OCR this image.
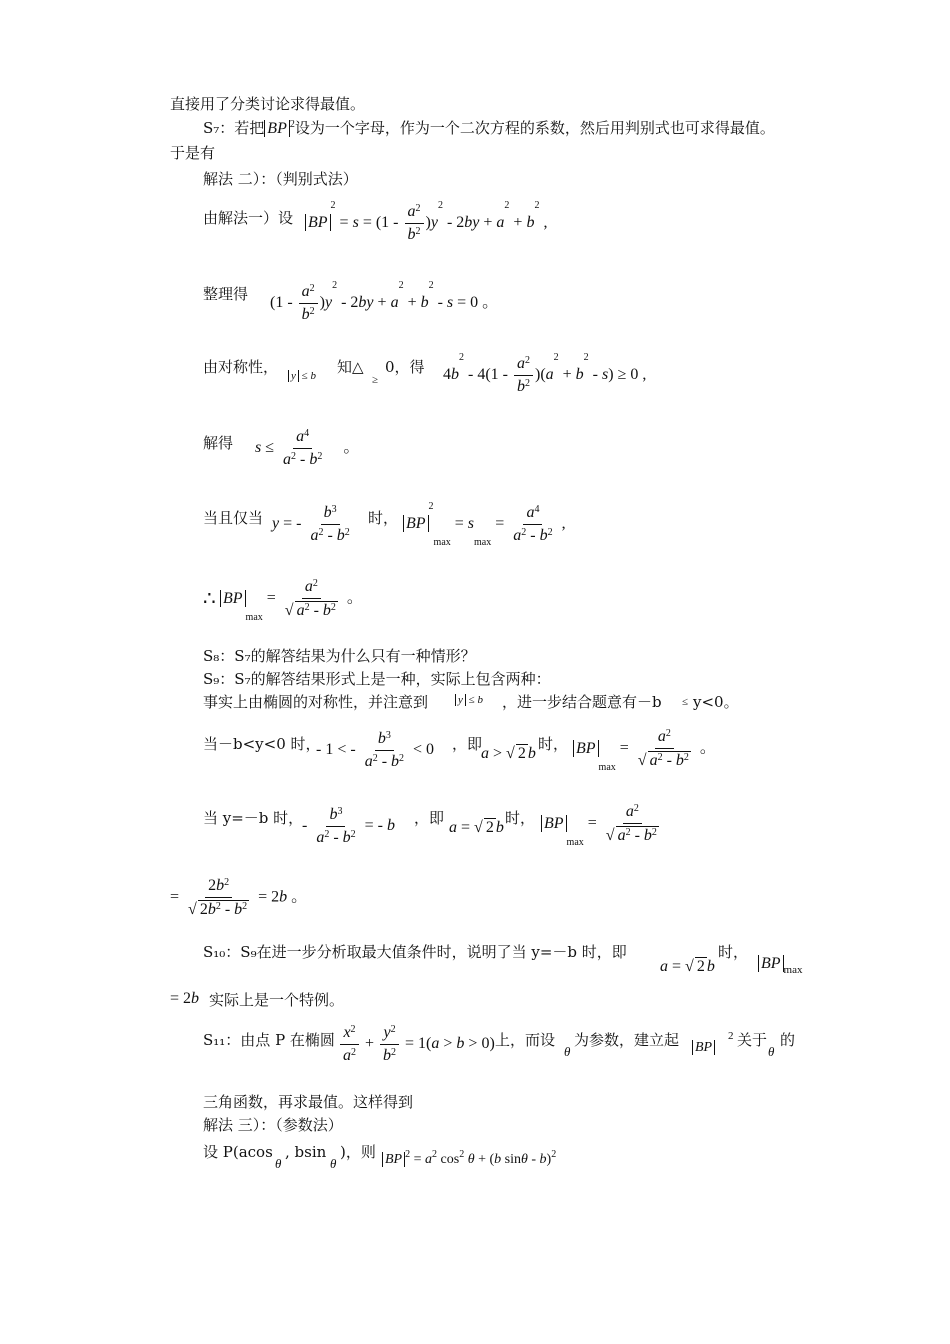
直接用了分类讨论求得最值。
S₇：若把 BP $^2$设为一个字母，作为一个二次方程的系数，然后用判别式也可求得最值。
于是有
解法 二）：（判别式法）
由解法一）设 $BP^2 = s = (1 - \frac{a^2}{b^2} )y^2 - 2by + a^2 + b^2$ ,
整理得 $(1 - \frac{a^2}{b^2} )y^2 - 2by + a^2 + b^2 - s = 0$ 。
由对称性， y ≤ b 知△
≥
0，得 $4b^2 - 4(1 - \frac{a^2}{b^2} )(a^2 + b^2 - s) \ge 0$ ,
解得 $s \le \frac{a^4}{a^2 - b^2}$ 。
当且仅当 y = - $\frac{b^3}{a^2 - b^2}$ 时， $BP^2\max = smax = \frac{a^4}{a^2 - b^2}$ ,
∴ $BPmax = \frac{a^2}{√ a^2 - b^2}$ 。
S₈：S₇的解答结果为什么只有一种情形？
S₉：S₇的解答结果形式上是一种，实际上包含两种：
事实上由椭圆的对称性，并注意到	y ≤ b ，进一步结合题意有－b ≤ y<0。
当－b<y<0 时，
- 1 < - $\frac{b^3}{a^2 - b^2} < 0$ ，即
a > √ 2 b
时， $BPmax = \frac{a^2}{√ a^2 - b^2}$ 。
当 y=－b 时，
- $\frac{b^3}{a^2 - b^2}$ = - b ，即
a = √ 2 b
时， $BPmax = \frac{a^2}{√ a^2 - b^2}$
= $\frac{2b^2}{√ 2b^2 - b^2} = 2b$ 。
S₁₀：S₉在进一步分析取最大值条件时，说明了当 y=－b 时，即
a = √ 2 b
时，
BP max
= 2b 实际上是一个特例。
S₁₁：由点 P 在椭圆 $\frac{x^2}{a^2} + \frac{y^2}{b^2} = 1(a > b > 0)$ 上，而设
θ
为参数，建立起 BP
2 关于
θ
的
三角函数，再求最值。这样得到
解法 三）：（参数法）
设 P(acos
θ
, bsin
θ
)，则 BP $^2 = a^2$ $\cos^2 \theta + (b$ sinθ - b)$^2$
